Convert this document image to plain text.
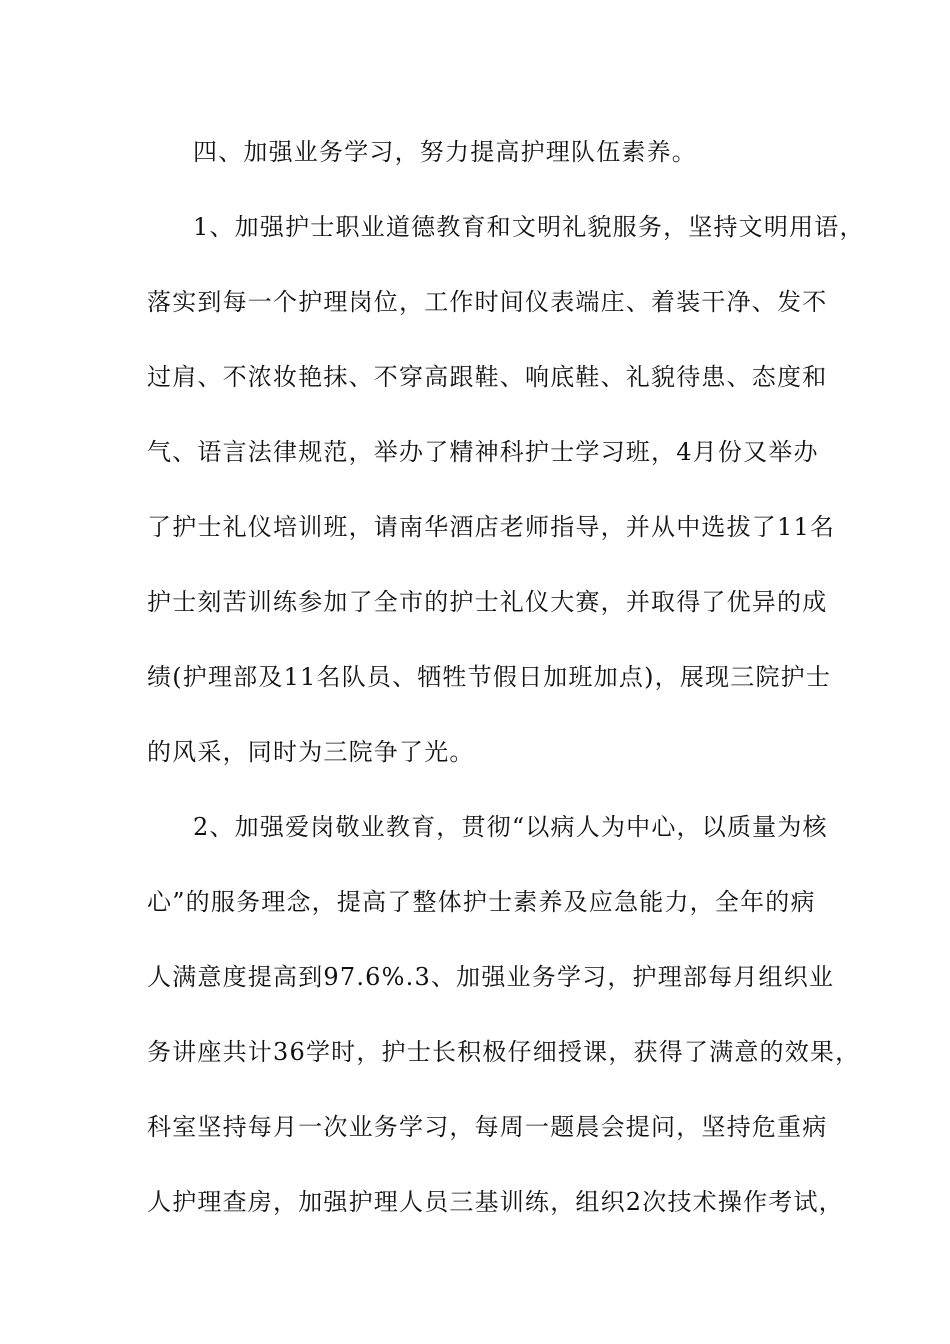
四、加强业务学习，努力提高护理队伍素养。
1、加强护士职业道德教育和文明礼貌服务，坚持文明用语，
落实到每一个护理岗位，工作时间仪表端庄、着装干净、发不
过肩、不浓妆艳抹、不穿高跟鞋、响底鞋、礼貌待患、态度和
气、语言法律规范，举办了精神科护士学习班，4月份又举办
了护士礼仪培训班，请南华酒店老师指导，并从中选拔了11名
护士刻苦训练参加了全市的护士礼仪大赛，并取得了优异的成
绩(护理部及11名队员、牺牲节假日加班加点)，展现三院护士
的风采，同时为三院争了光。
2、加强爱岗敬业教育，贯彻“以病人为中心，以质量为核
心”的服务理念，提高了整体护士素养及应急能力，全年的病
人满意度提高到97.6%.3、加强业务学习，护理部每月组织业
务讲座共计36学时，护士长积极仔细授课，获得了满意的效果，
科室坚持每月一次业务学习，每周一题晨会提问，坚持危重病
人护理查房，加强护理人员三基训练，组织2次技术操作考试，
